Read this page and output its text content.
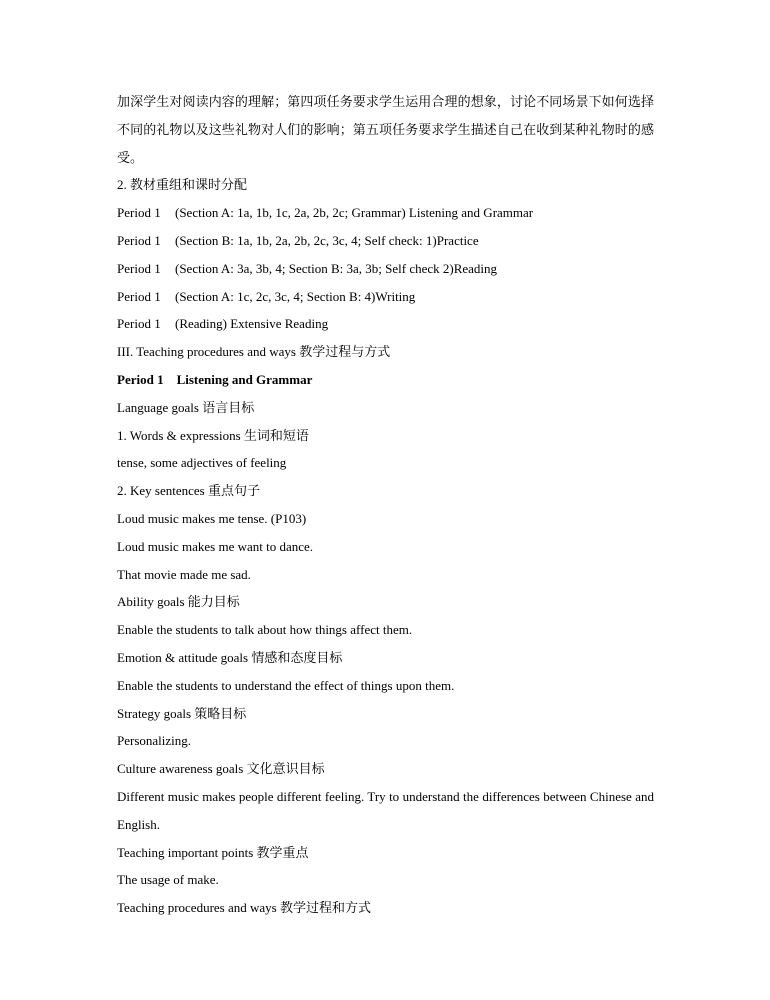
加深学生对阅读内容的理解；第四项任务要求学生运用合理的想象，讨论不同场景下如何选择不同的礼物以及这些礼物对人们的影响；第五项任务要求学生描述自己在收到某种礼物时的感受。

2. 教材重组和课时分配

Period 1 (Section A: 1a, 1b, 1c, 2a, 2b, 2c; Grammar) Listening and Grammar
Period 1 (Section B: 1a, 1b, 2a, 2b, 2c, 3c, 4; Self check: 1)Practice
Period 1 (Section A: 3a, 3b, 4; Section B: 3a, 3b; Self check 2)Reading
Period 1 (Section A: 1c, 2c, 3c, 4; Section B: 4)Writing
Period 1 (Reading) Extensive Reading

III. Teaching procedures and ways 教学过程与方式

Period 1    Listening and Grammar

Language goals 语言目标

1. Words & expressions 生词和短语

tense, some adjectives of feeling

2. Key sentences 重点句子

Loud music makes me tense. (P103)

Loud music makes me want to dance.

That movie made me sad.

Ability goals 能力目标

Enable the students to talk about how things affect them.

Emotion & attitude goals 情感和态度目标

Enable the students to understand the effect of things upon them.

Strategy goals 策略目标

Personalizing.

Culture awareness goals 文化意识目标

Different music makes people different feeling. Try to understand the differences between Chinese and English.

Teaching important points 教学重点

The usage of make.

Teaching procedures and ways 教学过程和方式
